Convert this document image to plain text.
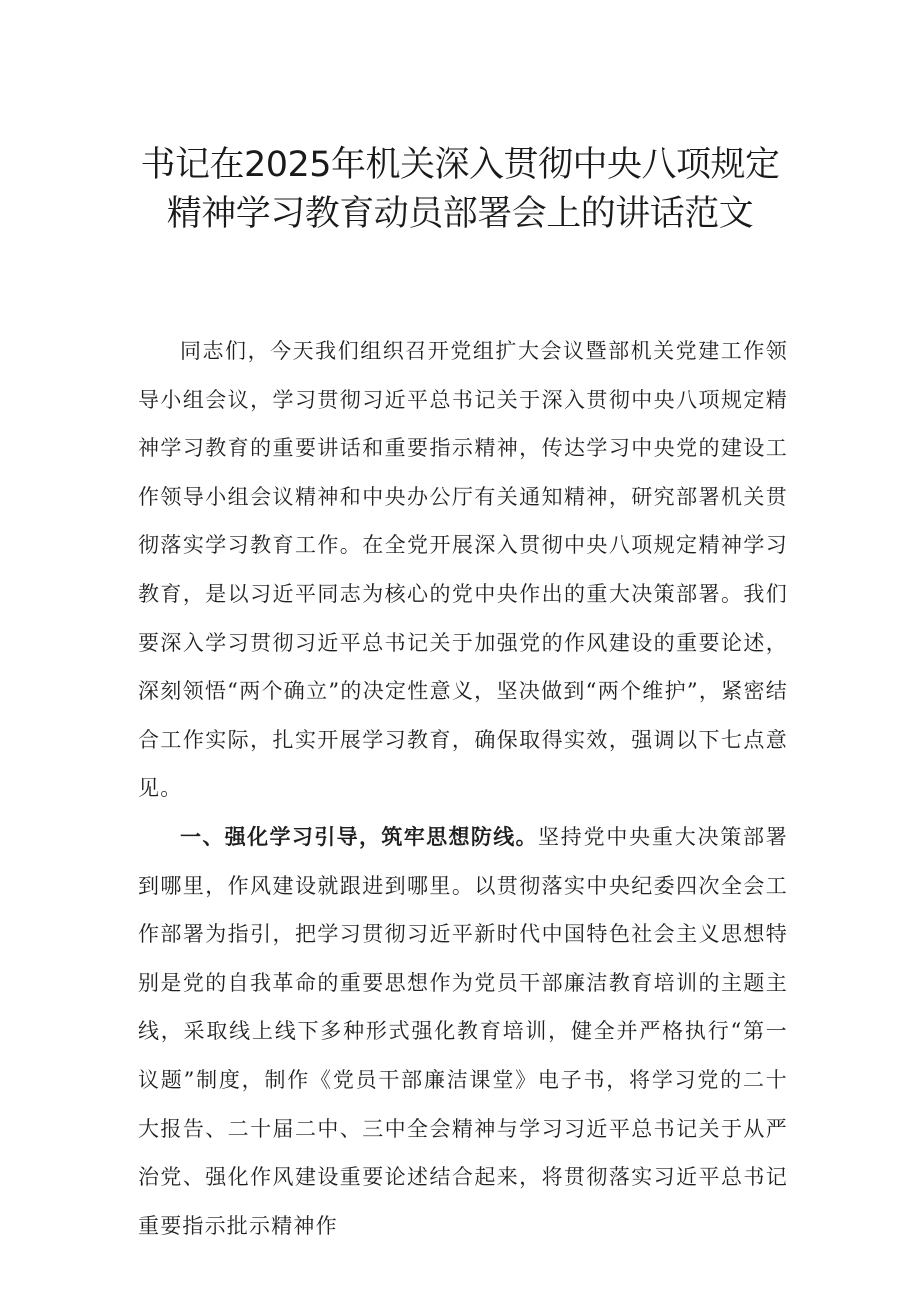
书记在2025年机关深入贯彻中央八项规定
精神学习教育动员部署会上的讲话范文

同志们，今天我们组织召开党组扩大会议暨部机关党建工作领导小组会议，学习贯彻习近平总书记关于深入贯彻中央八项规定精神学习教育的重要讲话和重要指示精神，传达学习中央党的建设工作领导小组会议精神和中央办公厅有关通知精神，研究部署机关贯彻落实学习教育工作。在全党开展深入贯彻中央八项规定精神学习教育，是以习近平同志为核心的党中央作出的重大决策部署。我们要深入学习贯彻习近平总书记关于加强党的作风建设的重要论述，深刻领悟“两个确立”的决定性意义，坚决做到“两个维护”，紧密结合工作实际，扎实开展学习教育，确保取得实效，强调以下七点意见。

一、强化学习引导，筑牢思想防线。坚持党中央重大决策部署到哪里，作风建设就跟进到哪里。以贯彻落实中央纪委四次全会工作部署为指引，把学习贯彻习近平新时代中国特色社会主义思想特别是党的自我革命的重要思想作为党员干部廉洁教育培训的主题主线，采取线上线下多种形式强化教育培训，健全并严格执行“第一议题”制度，制作《党员干部廉洁课堂》电子书，将学习党的二十大报告、二十届二中、三中全会精神与学习习近平总书记关于从严治党、强化作风建设重要论述结合起来，将贯彻落实习近平总书记重要指示批示精神作
